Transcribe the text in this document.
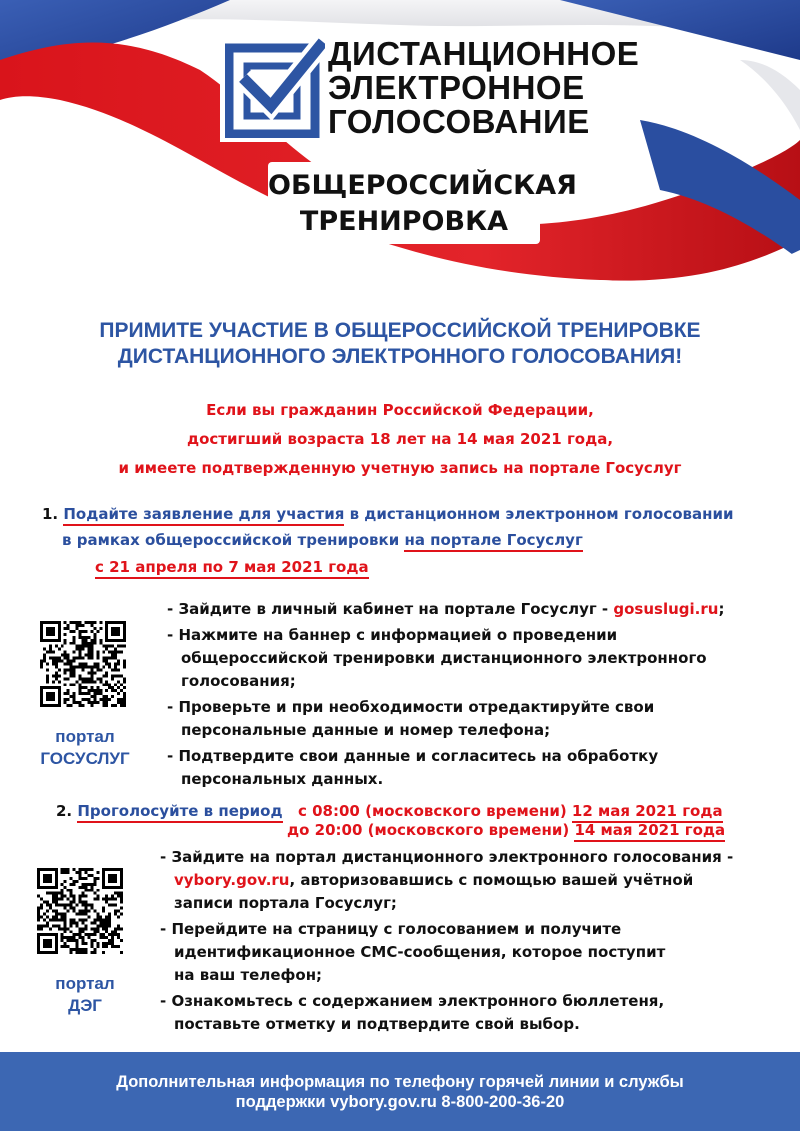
ДИСТАНЦИОННОЕ
ЭЛЕКТРОННОЕ
ГОЛОСОВАНИЕ
ОБЩЕРОССИЙСКАЯ
ТРЕНИРОВКА
ПРИМИТЕ УЧАСТИЕ В ОБЩЕРОССИЙСКОЙ ТРЕНИРОВКЕ
ДИСТАНЦИОННОГО ЭЛЕКТРОННОГО ГОЛОСОВАНИЯ!
Если вы гражданин Российской Федерации,
достигший возраста 18 лет на 14 мая 2021 года,
и имеете подтвержденную учетную запись на портале Госуслуг
1. Подайте заявление для участия в дистанционном электронном голосовании
в рамках общероссийской тренировки на портале Госуслуг
с 21 апреля по 7 мая 2021 года
портал
ГОСУСЛУГ
- Зайдите в личный кабинет на портале Госуслуг - gosuslugi.ru;
- Нажмите на баннер с информацией о проведении
общероссийской тренировки дистанционного электронного
голосования;
- Проверьте и при необходимости отредактируйте свои
персональные данные и номер телефона;
- Подтвердите свои данные и согласитесь на обработку
персональных данных.
2. Проголосуйте в период с 08:00 (московского времени) 12 мая 2021 года
до 20:00 (московского времени) 14 мая 2021 года
портал
ДЭГ
- Зайдите на портал дистанционного электронного голосования -
vybory.gov.ru, авторизовавшись с помощью вашей учётной
записи портала Госуслуг;
- Перейдите на страницу с голосованием и получите
идентификационное СМС-сообщения, которое поступит
на ваш телефон;
- Ознакомьтесь с содержанием электронного бюллетеня,
поставьте отметку и подтвердите свой выбор.
Дополнительная информация по телефону горячей линии и службы
поддержки vybory.gov.ru 8-800-200-36-20
